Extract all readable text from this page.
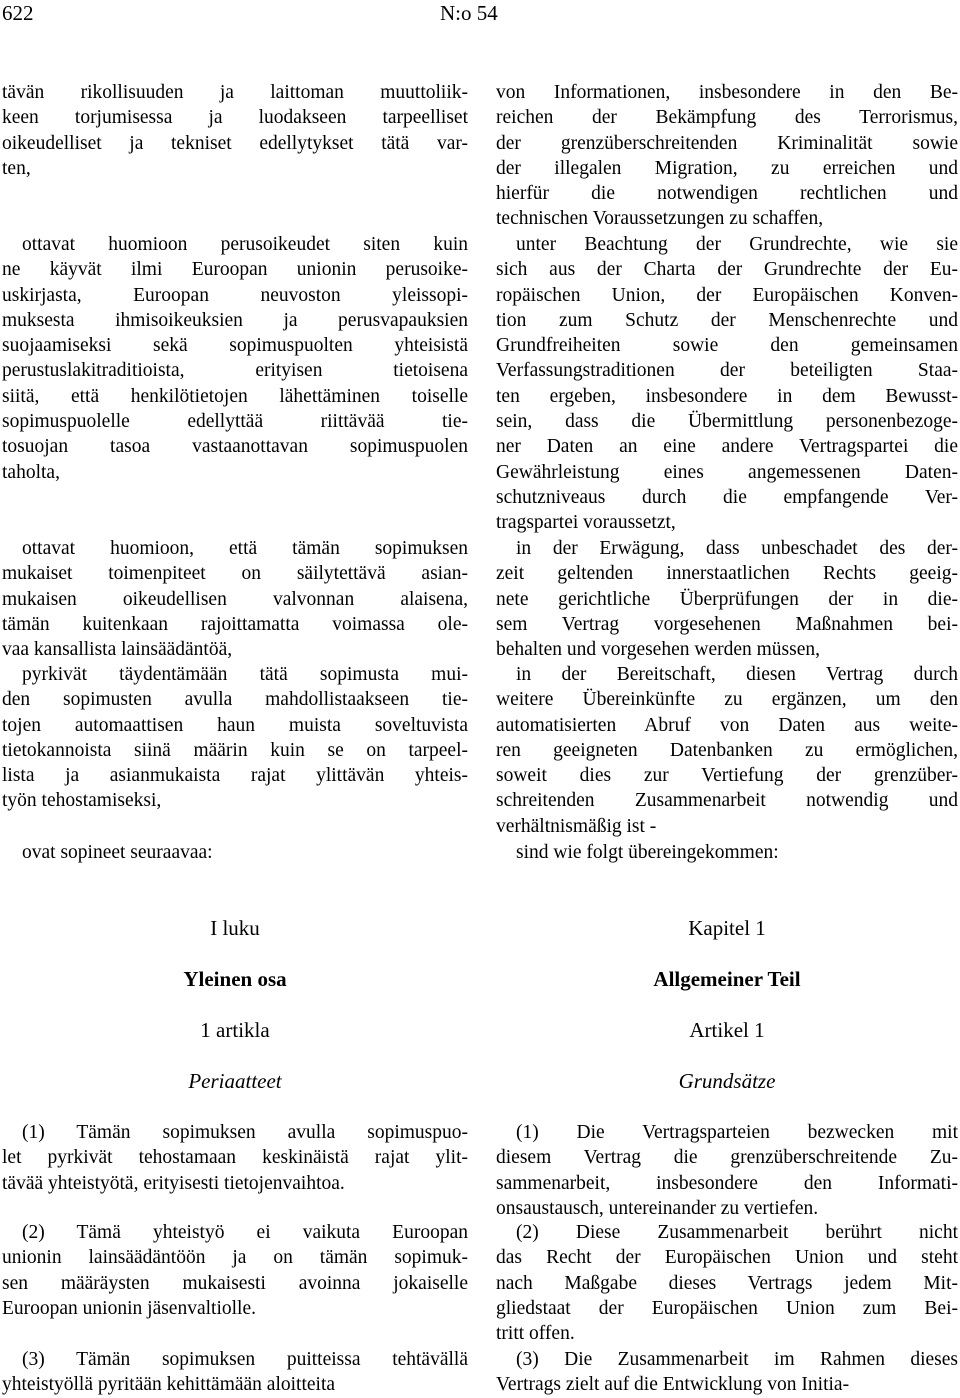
622	N:o 54
tävän rikollisuuden ja laittoman muuttoliik-
keen torjumisessa ja luodakseen tarpeelliset
oikeudelliset ja tekniset edellytykset tätä var-
ten,
ottavat huomioon perusoikeudet siten kuin
ne käyvät ilmi Euroopan unionin perusoike-
uskirjasta, Euroopan neuvoston yleissopi-
muksesta ihmisoikeuksien ja perusvapauksien
suojaamiseksi sekä sopimuspuolten yhteisistä
perustuslakitraditioista, erityisen tietoisena
siitä, että henkilötietojen lähettäminen toiselle
sopimuspuolelle edellyttää riittävää tie-
tosuojan tasoa vastaanottavan sopimuspuolen
taholta,
ottavat huomioon, että tämän sopimuksen
mukaiset toimenpiteet on säilytettävä asian-
mukaisen oikeudellisen valvonnan alaisena,
tämän kuitenkaan rajoittamatta voimassa ole-
vaa kansallista lainsäädäntöä,
pyrkivät täydentämään tätä sopimusta mui-
den sopimusten avulla mahdollistaakseen tie-
tojen automaattisen haun muista soveltuvista
tietokannoista siinä määrin kuin se on tarpeel-
lista ja asianmukaista rajat ylittävän yhteis-
työn tehostamiseksi,

ovat sopineet seuraavaa:

von Informationen, insbesondere in den Be-
reichen der Bekämpfung des Terrorismus,
der grenzüberschreitenden Kriminalität sowie
der illegalen Migration, zu erreichen und
hierfür die notwendigen rechtlichen und
technischen Voraussetzungen zu schaffen,
unter Beachtung der Grundrechte, wie sie
sich aus der Charta der Grundrechte der Eu-
ropäischen Union, der Europäischen Konven-
tion zum Schutz der Menschenrechte und
Grundfreiheiten sowie den gemeinsamen
Verfassungstraditionen der beteiligten Staa-
ten ergeben, insbesondere in dem Bewusst-
sein, dass die Übermittlung personenbezoge-
ner Daten an eine andere Vertragspartei die
Gewährleistung eines angemessenen Daten-
schutzniveaus durch die empfangende Ver-
tragspartei voraussetzt,
in der Erwägung, dass unbeschadet des der-
zeit geltenden innerstaatlichen Rechts geeig-
nete gerichtliche Überprüfungen der in die-
sem Vertrag vorgesehenen Maßnahmen bei-
behalten und vorgesehen werden müssen,
in der Bereitschaft, diesen Vertrag durch
weitere Übereinkünfte zu ergänzen, um den
automatisierten Abruf von Daten aus weite-
ren geeigneten Datenbanken zu ermöglichen,
soweit dies zur Vertiefung der grenzüber-
schreitenden Zusammenarbeit notwendig und
verhältnismäßig ist -

sind wie folgt übereingekommen:

I luku
Yleinen osa
1 artikla
Periaatteet
Kapitel 1
Allgemeiner Teil
Artikel 1
Grundsätze
(1) Tämän sopimuksen avulla sopimuspuo-
let pyrkivät tehostamaan keskinäistä rajat ylit-
tävää yhteistyötä, erityisesti tietojenvaihtoa.
(2) Tämä yhteistyö ei vaikuta Euroopan
unionin lainsäädäntöön ja on tämän sopimuk-
sen määräysten mukaisesti avoinna jokaiselle
Euroopan unionin jäsenvaltiolle.
(3) Tämän sopimuksen puitteissa tehtävällä
yhteistyöllä pyritään kehittämään aloitteita
(1) Die Vertragsparteien bezwecken mit
diesem Vertrag die grenzüberschreitende Zu-
sammenarbeit, insbesondere den Informati-
onsaustausch, untereinander zu vertiefen.
(2) Diese Zusammenarbeit berührt nicht
das Recht der Europäischen Union und steht
nach Maßgabe dieses Vertrags jedem Mit-
gliedstaat der Europäischen Union zum Bei-
tritt offen.
(3) Die Zusammenarbeit im Rahmen dieses
Vertrags zielt auf die Entwicklung von Initia-
